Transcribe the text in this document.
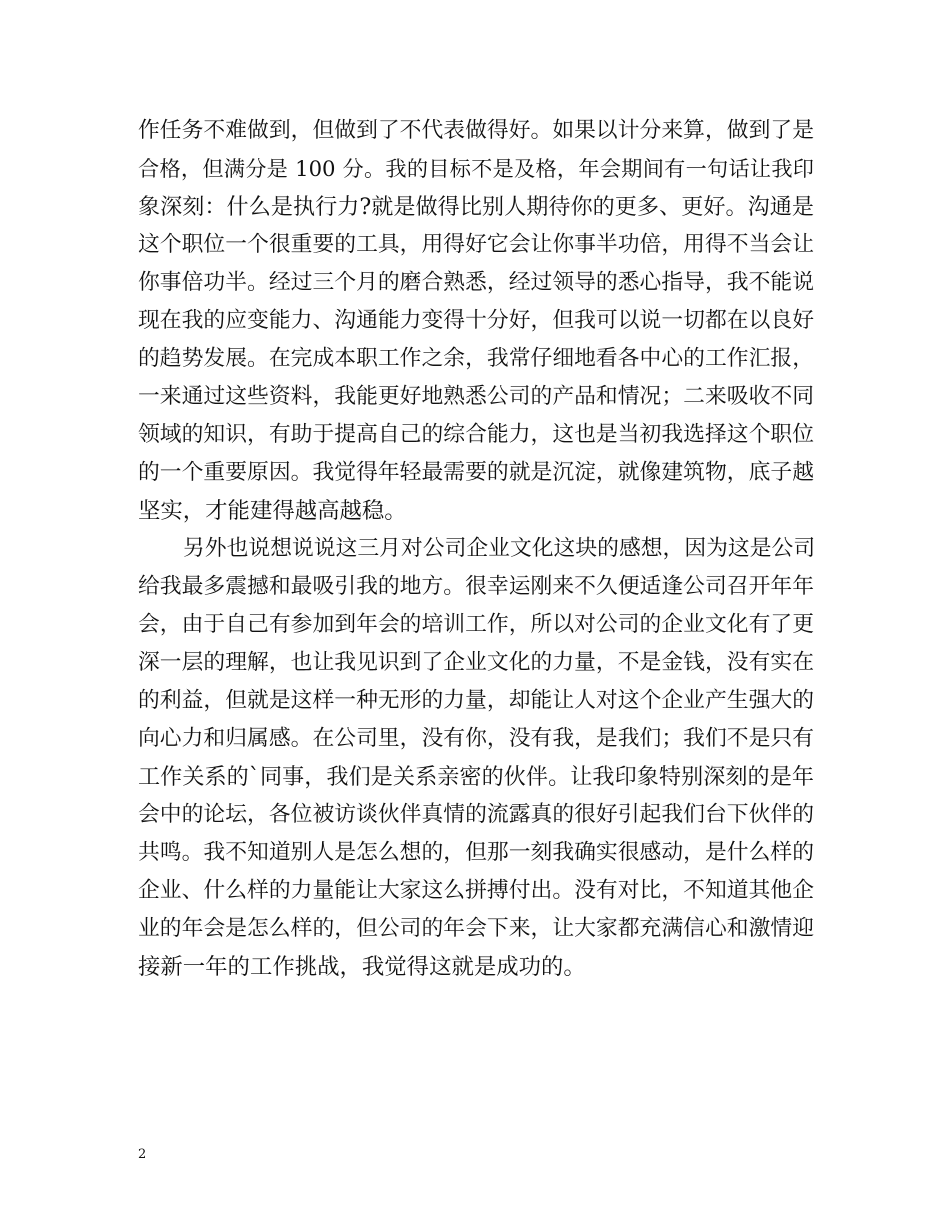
作任务不难做到，但做到了不代表做得好。如果以计分来算，做到了是
合格，但满分是 100 分。我的目标不是及格，年会期间有一句话让我印
象深刻：什么是执行力?就是做得比别人期待你的更多、更好。沟通是
这个职位一个很重要的工具，用得好它会让你事半功倍，用得不当会让
你事倍功半。经过三个月的磨合熟悉，经过领导的悉心指导，我不能说
现在我的应变能力、沟通能力变得十分好，但我可以说一切都在以良好
的趋势发展。在完成本职工作之余，我常仔细地看各中心的工作汇报，
一来通过这些资料，我能更好地熟悉公司的产品和情况；二来吸收不同
领域的知识，有助于提高自己的综合能力，这也是当初我选择这个职位
的一个重要原因。我觉得年轻最需要的就是沉淀，就像建筑物，底子越
坚实，才能建得越高越稳。
另外也说想说说这三月对公司企业文化这块的感想，因为这是公司
给我最多震撼和最吸引我的地方。很幸运刚来不久便适逢公司召开年年
会，由于自己有参加到年会的培训工作，所以对公司的企业文化有了更
深一层的理解，也让我见识到了企业文化的力量，不是金钱，没有实在
的利益，但就是这样一种无形的力量，却能让人对这个企业产生强大的
向心力和归属感。在公司里，没有你，没有我，是我们；我们不是只有
工作关系的`同事，我们是关系亲密的伙伴。让我印象特别深刻的是年
会中的论坛，各位被访谈伙伴真情的流露真的很好引起我们台下伙伴的
共鸣。我不知道别人是怎么想的，但那一刻我确实很感动，是什么样的
企业、什么样的力量能让大家这么拼搏付出。没有对比，不知道其他企
业的年会是怎么样的，但公司的年会下来，让大家都充满信心和激情迎
接新一年的工作挑战，我觉得这就是成功的。
2
